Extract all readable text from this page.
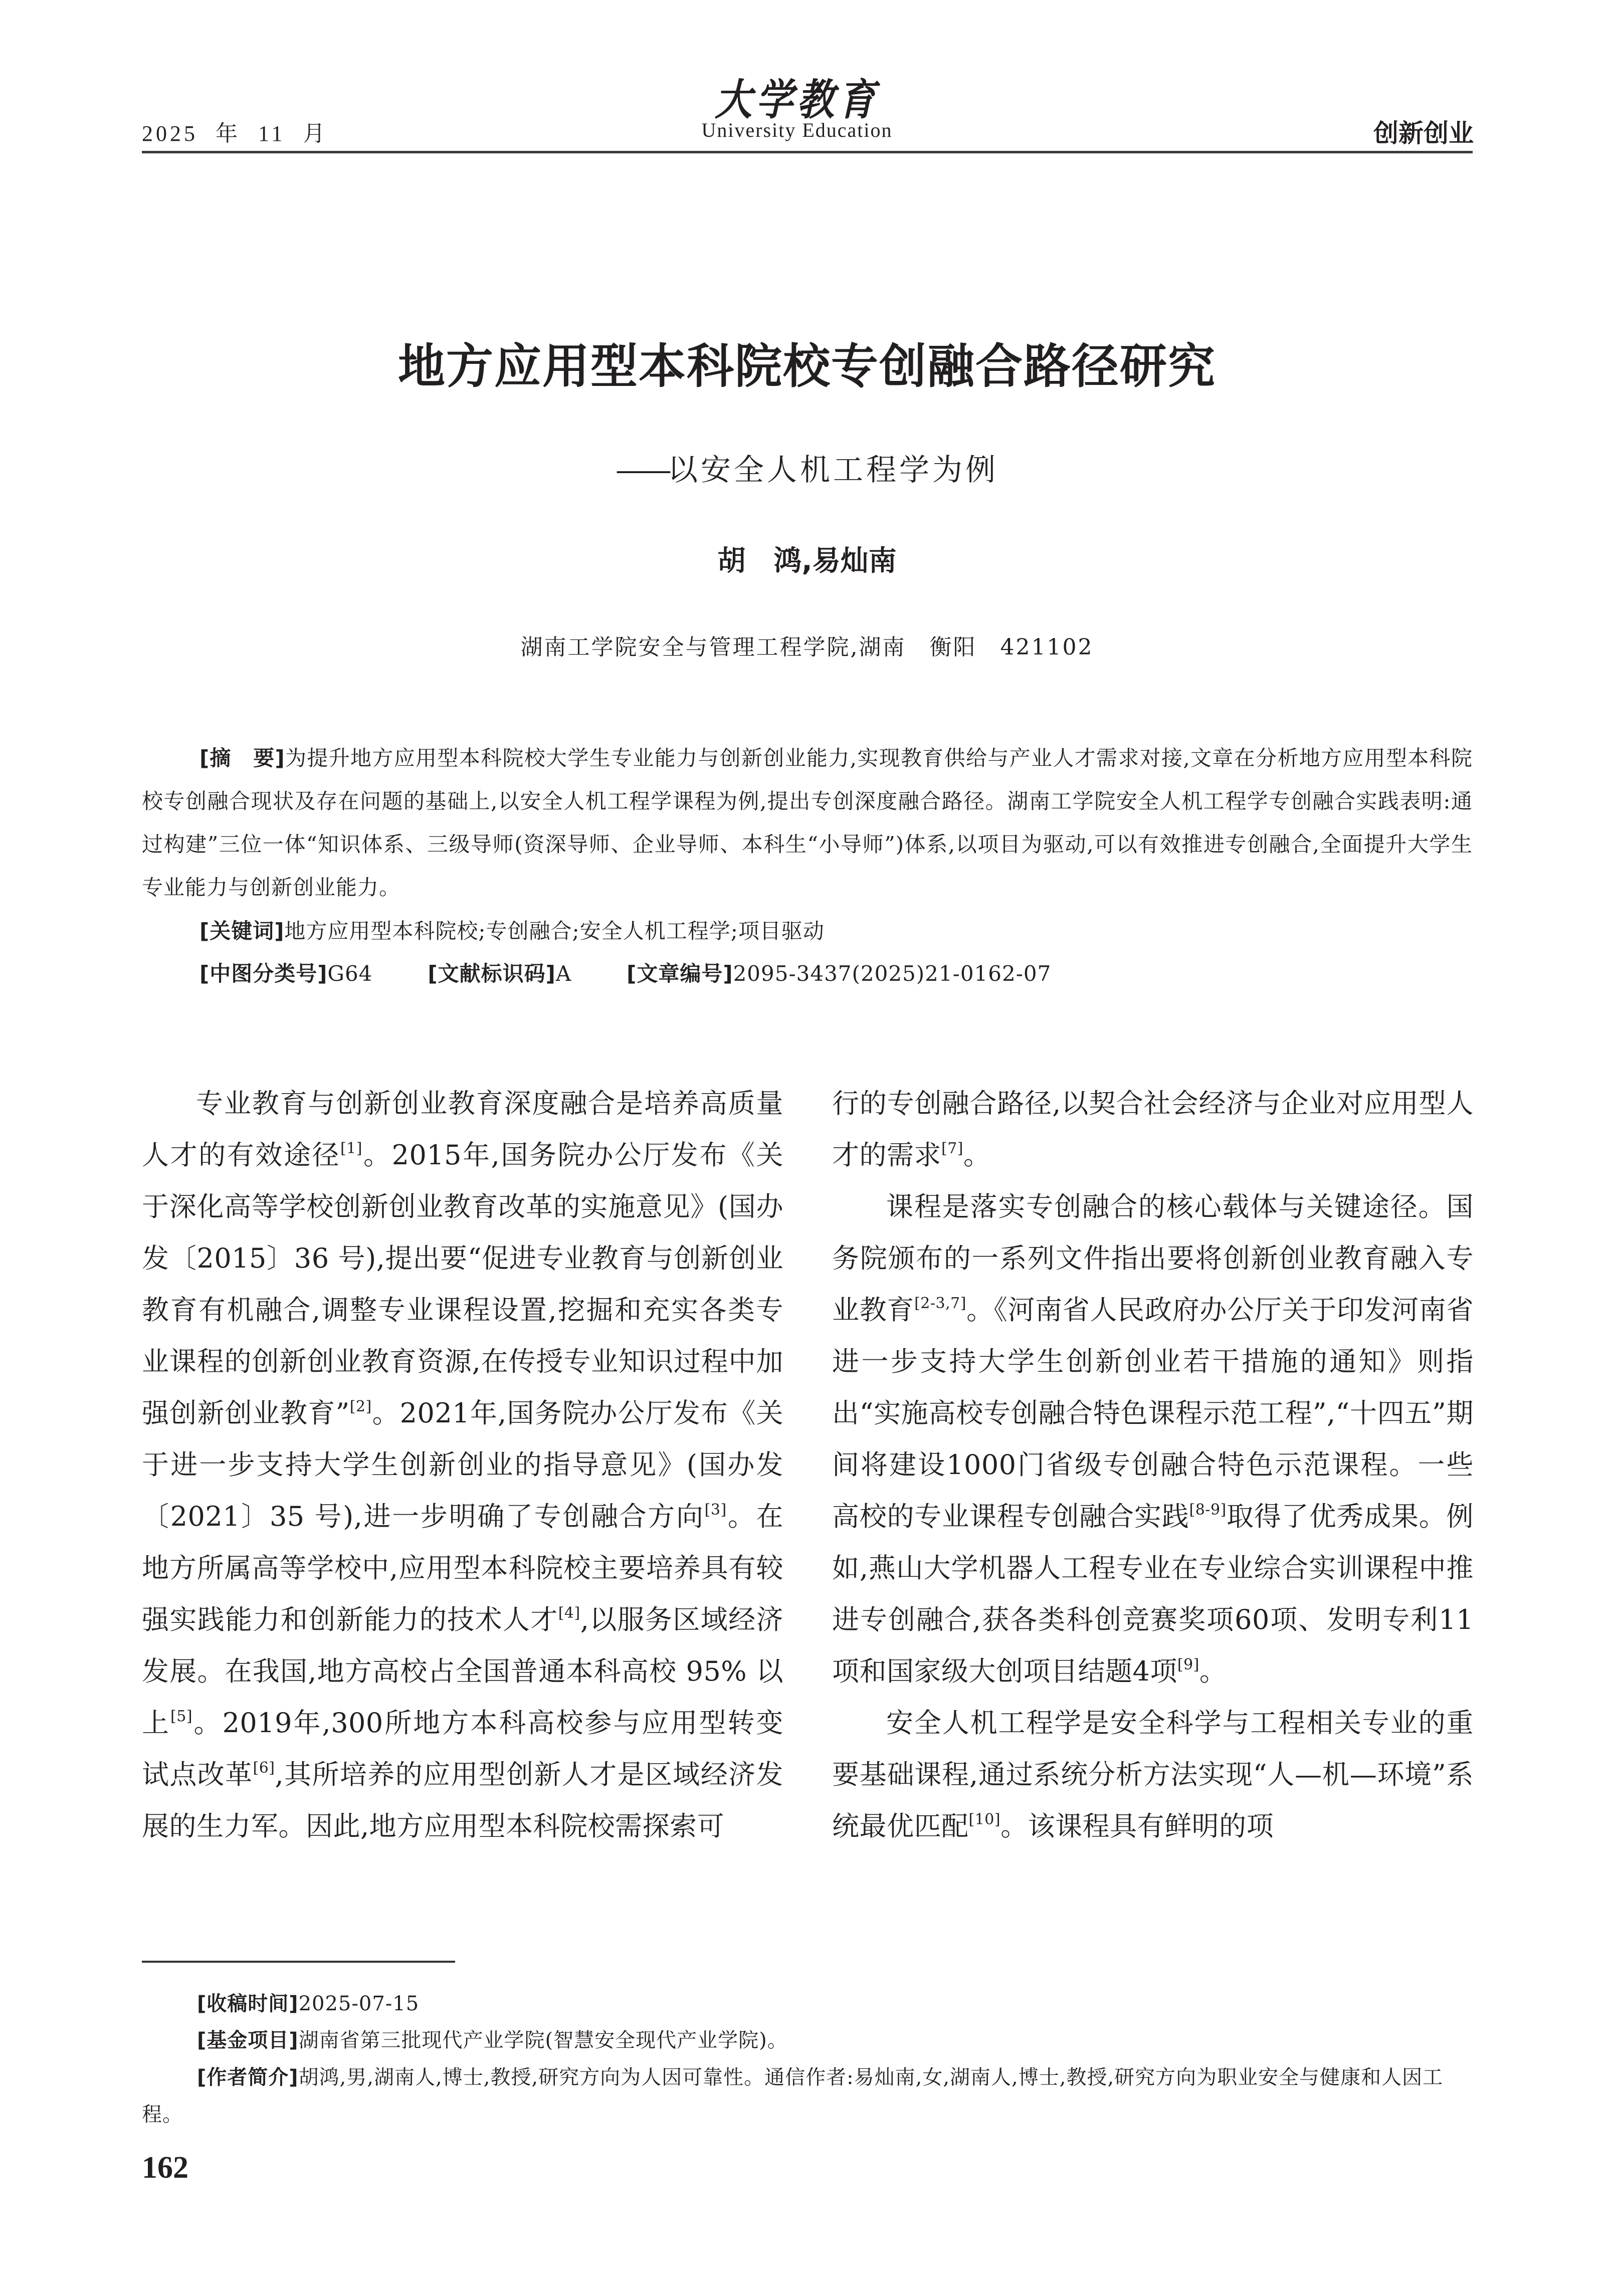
2025 年 11 月
大学教育
University Education	创新创业
地方应用型本科院校专创融合路径研究
——以安全人机工程学为例
胡　鸿,易灿南
湖南工学院安全与管理工程学院,湖南　衡阳　421102
[摘　要]为提升地方应用型本科院校大学生专业能力与创新创业能力,实现教育供给与产业人才需求对接,文章在分析地方应用型本科院校专创融合现状及存在问题的基础上,以安全人机工程学课程为例,提出专创深度融合路径。湖南工学院安全人机工程学专创融合实践表明:通过构建”三位一体“知识体系、三级导师(资深导师、企业导师、本科生“小导师”)体系,以项目为驱动,可以有效推进专创融合,全面提升大学生专业能力与创新创业能力。
[关键词]地方应用型本科院校;专创融合;安全人机工程学;项目驱动
[中图分类号]G64	[文献标识码]A	[文章编号]2095-3437(2025)21-0162-07

专业教育与创新创业教育深度融合是培养高质量人才的有效途径[1]。2015年,国务院办公厅发布《关于深化高等学校创新创业教育改革的实施意见》(国办发〔2015〕36 号),提出要“促进专业教育与创新创业教育有机融合,调整专业课程设置,挖掘和充实各类专业课程的创新创业教育资源,在传授专业知识过程中加强创新创业教育”[2]。2021年,国务院办公厅发布《关于进一步支持大学生创新创业的指导意见》(国办发〔2021〕35 号),进一步明确了专创融合方向[3]。在地方所属高等学校中,应用型本科院校主要培养具有较强实践能力和创新能力的技术人才[4],以服务区域经济发展。在我国,地方高校占全国普通本科高校 95% 以上[5]。2019年,300所地方本科高校参与应用型转变试点改革[6],其所培养的应用型创新人才是区域经济发展的生力军。因此,地方应用型本科院校需探索可

行的专创融合路径,以契合社会经济与企业对应用型人才的需求[7]。

课程是落实专创融合的核心载体与关键途径。国务院颁布的一系列文件指出要将创新创业教育融入专业教育[2-3,7]。《河南省人民政府办公厅关于印发河南省进一步支持大学生创新创业若干措施的通知》则指出“实施高校专创融合特色课程示范工程”,“十四五”期间将建设1000门省级专创融合特色示范课程。一些高校的专业课程专创融合实践[8-9]取得了优秀成果。例如,燕山大学机器人工程专业在专业综合实训课程中推进专创融合,获各类科创竞赛奖项60项、发明专利11项和国家级大创项目结题4项[9]。

安全人机工程学是安全科学与工程相关专业的重要基础课程,通过系统分析方法实现“人—机—环境”系统最优匹配[10]。该课程具有鲜明的项

[收稿时间]2025-07-15
[基金项目]湖南省第三批现代产业学院(智慧安全现代产业学院)。
[作者简介]胡鸿,男,湖南人,博士,教授,研究方向为人因可靠性。通信作者:易灿南,女,湖南人,博士,教授,研究方向为职业安全与健康和人因工程。
162
